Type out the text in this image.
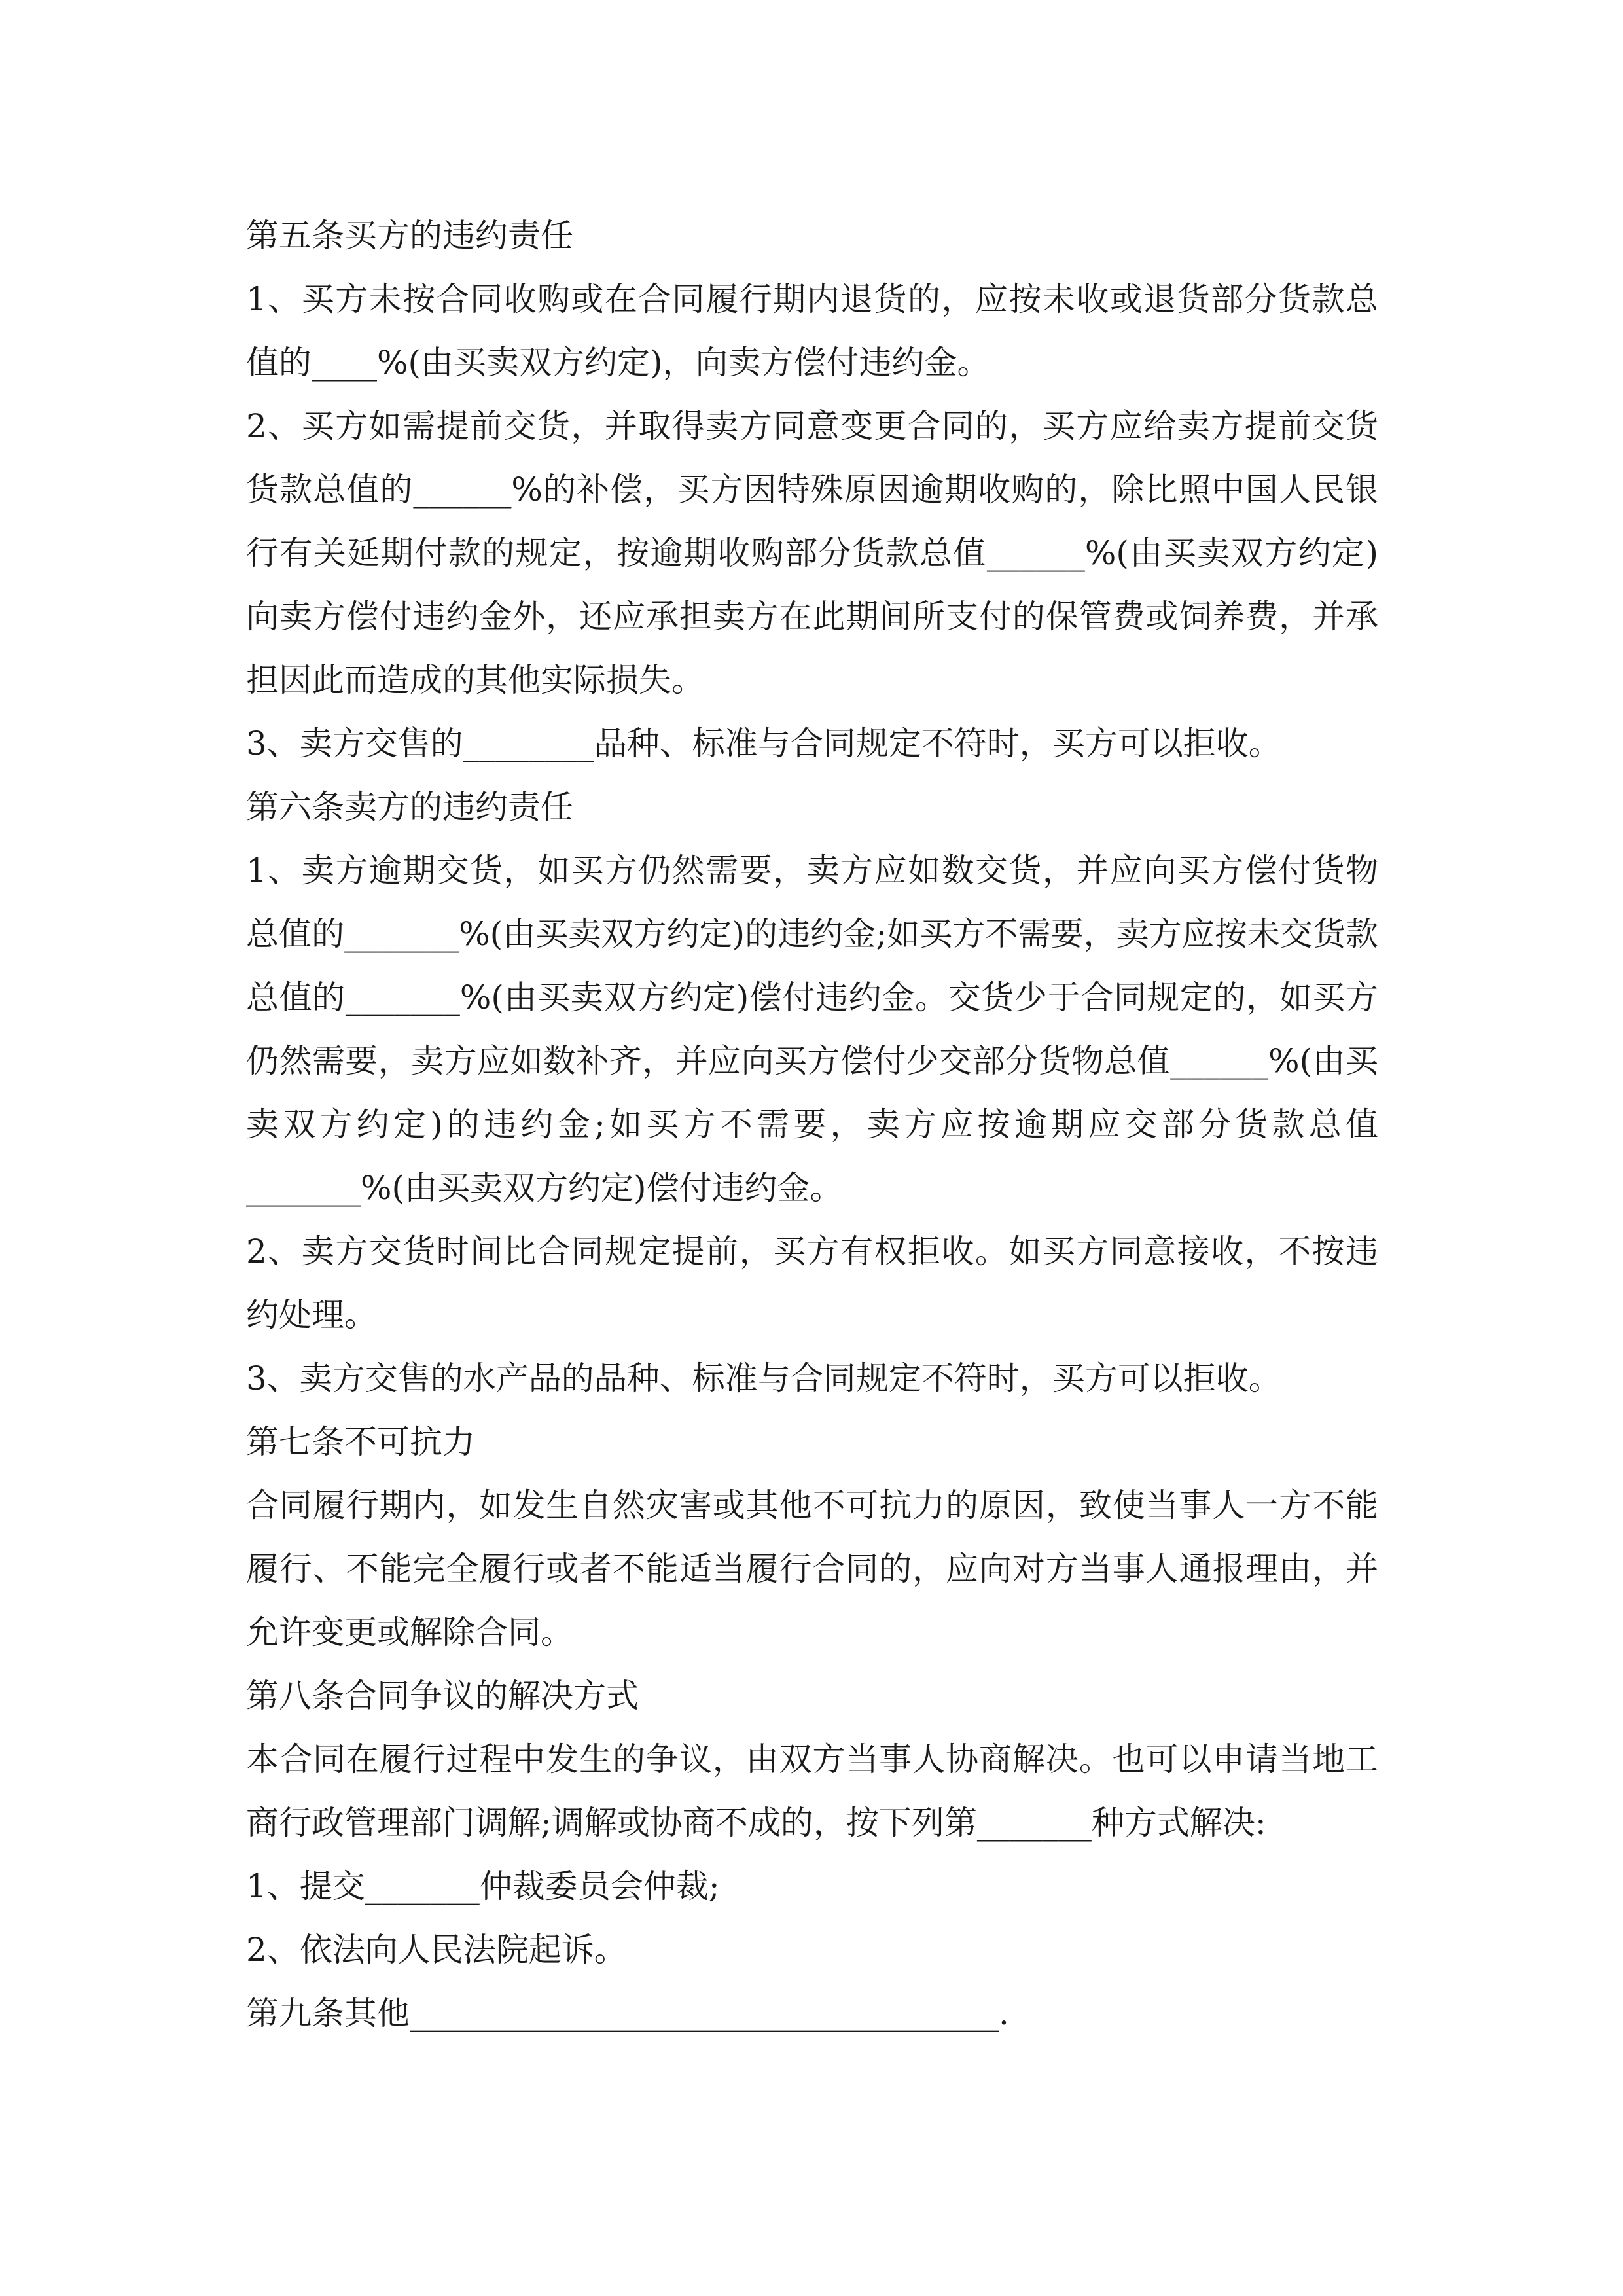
第五条买方的违约责任

1、买方未按合同收购或在合同履行期内退货的，应按未收或退货部分货款总值的____%(由买卖双方约定)，向卖方偿付违约金。

2、买方如需提前交货，并取得卖方同意变更合同的，买方应给卖方提前交货货款总值的______%的补偿，买方因特殊原因逾期收购的，除比照中国人民银行有关延期付款的规定，按逾期收购部分货款总值______%(由买卖双方约定)向卖方偿付违约金外，还应承担卖方在此期间所支付的保管费或饲养费，并承担因此而造成的其他实际损失。

3、卖方交售的________品种、标准与合同规定不符时，买方可以拒收。

第六条卖方的违约责任

1、卖方逾期交货，如买方仍然需要，卖方应如数交货，并应向买方偿付货物总值的_______%(由买卖双方约定)的违约金;如买方不需要，卖方应按未交货款总值的_______%(由买卖双方约定)偿付违约金。交货少于合同规定的，如买方仍然需要，卖方应如数补齐，并应向买方偿付少交部分货物总值______%(由买卖双方约定)的违约金;如买方不需要，卖方应按逾期应交部分货款总值_______%(由买卖双方约定)偿付违约金。

2、卖方交货时间比合同规定提前，买方有权拒收。如买方同意接收，不按违约处理。

3、卖方交售的水产品的品种、标准与合同规定不符时，买方可以拒收。

第七条不可抗力

合同履行期内，如发生自然灾害或其他不可抗力的原因，致使当事人一方不能履行、不能完全履行或者不能适当履行合同的，应向对方当事人通报理由，并允许变更或解除合同。

第八条合同争议的解决方式

本合同在履行过程中发生的争议，由双方当事人协商解决。也可以申请当地工商行政管理部门调解;调解或协商不成的，按下列第_______种方式解决:

1、提交_______仲裁委员会仲裁;

2、依法向人民法院起诉。

第九条其他____________________________________.
